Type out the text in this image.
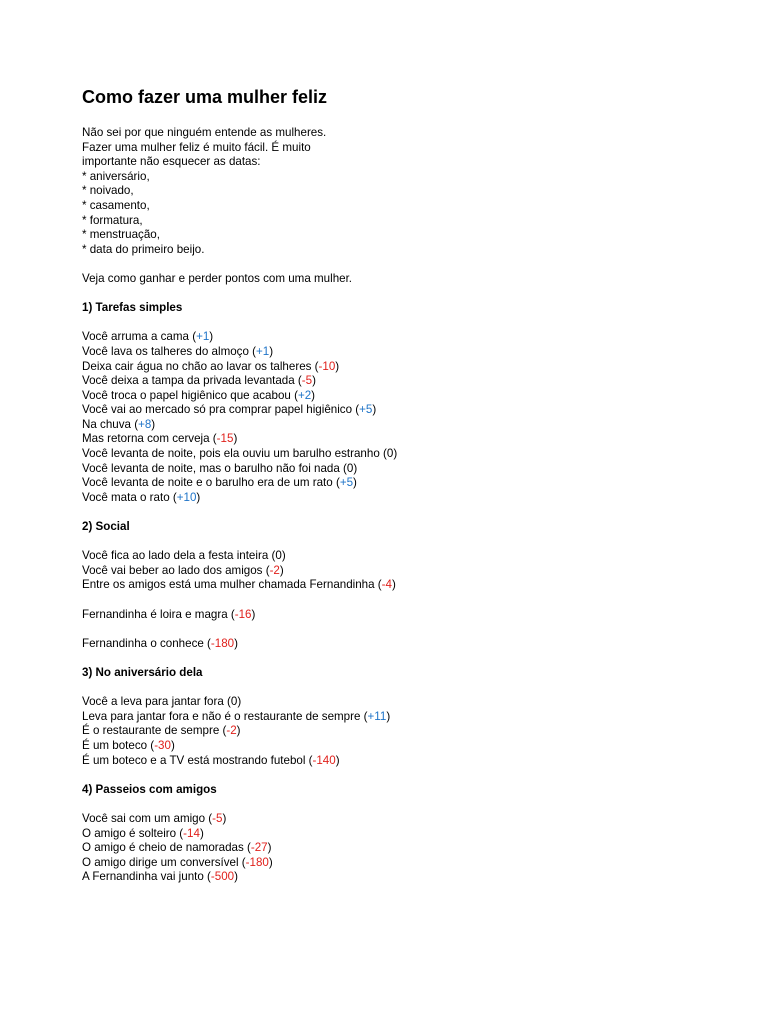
Como fazer uma mulher feliz
Não sei por que ninguém entende as mulheres.
Fazer uma mulher feliz é muito fácil. É muito
importante não esquecer as datas:
* aniversário,
* noivado,
* casamento,
* formatura,
* menstruação,
* data do primeiro beijo.

Veja como ganhar e perder pontos com uma mulher.

1) Tarefas simples
Você arruma a cama (+1)
Você lava os talheres do almoço (+1)
Deixa cair água no chão ao lavar os talheres (-10)
Você deixa a tampa da privada levantada (-5)
Você troca o papel higiênico que acabou (+2)
Você vai ao mercado só pra comprar papel higiênico (+5)
Na chuva (+8)
Mas retorna com cerveja (-15)
Você levanta de noite, pois ela ouviu um barulho estranho (0)
Você levanta de noite, mas o barulho não foi nada (0)
Você levanta de noite e o barulho era de um rato (+5)
Você mata o rato (+10)
2) Social
Você fica ao lado dela a festa inteira (0)
Você vai beber ao lado dos amigos (-2)
Entre os amigos está uma mulher chamada Fernandinha (-4)
Fernandinha é loira e magra (-16)
Fernandinha o conhece (-180)
3) No aniversário dela
Você a leva para jantar fora (0)
Leva para jantar fora e não é o restaurante de sempre (+11)
É o restaurante de sempre (-2)
É um boteco (-30)
É um boteco e a TV está mostrando futebol (-140)
4) Passeios com amigos
Você sai com um amigo (-5)
O amigo é solteiro (-14)
O amigo é cheio de namoradas (-27)
O amigo dirige um conversível (-180)
A Fernandinha vai junto (-500)
